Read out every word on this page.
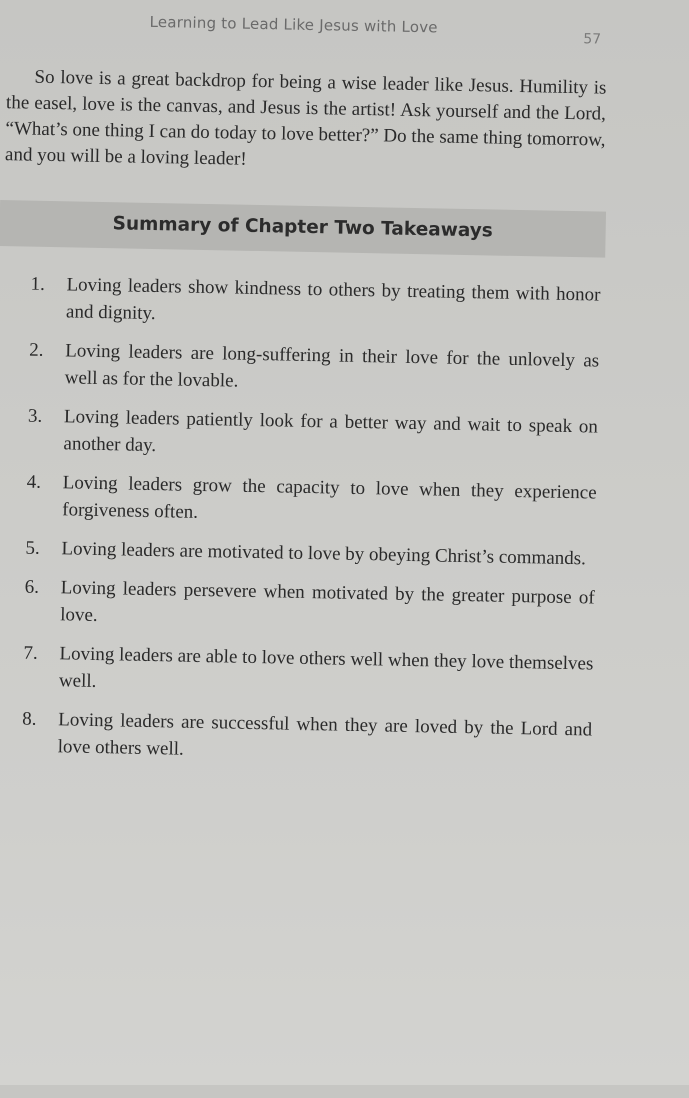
Learning to Lead Like Jesus with Love
57

So love is a great backdrop for being a wise leader like Jesus. Humility is the easel, love is the canvas, and Jesus is the artist! Ask yourself and the Lord, “What’s one thing I can do today to love better?” Do the same thing tomorrow, and you will be a loving leader!

Summary of Chapter Two Takeaways
1.	Loving leaders show kindness to others by treating them with honor and dignity.
2.	Loving leaders are long-suffering in their love for the unlovely as well as for the lovable.
3.	Loving leaders patiently look for a better way and wait to speak on another day.
4.	Loving leaders grow the capacity to love when they experience forgiveness often.
5.	Loving leaders are motivated to love by obeying Christ’s commands.
6.	Loving leaders persevere when motivated by the greater purpose of love.
7.	Loving leaders are able to love others well when they love themselves well.
8.	Loving leaders are successful when they are loved by the Lord and love others well.
